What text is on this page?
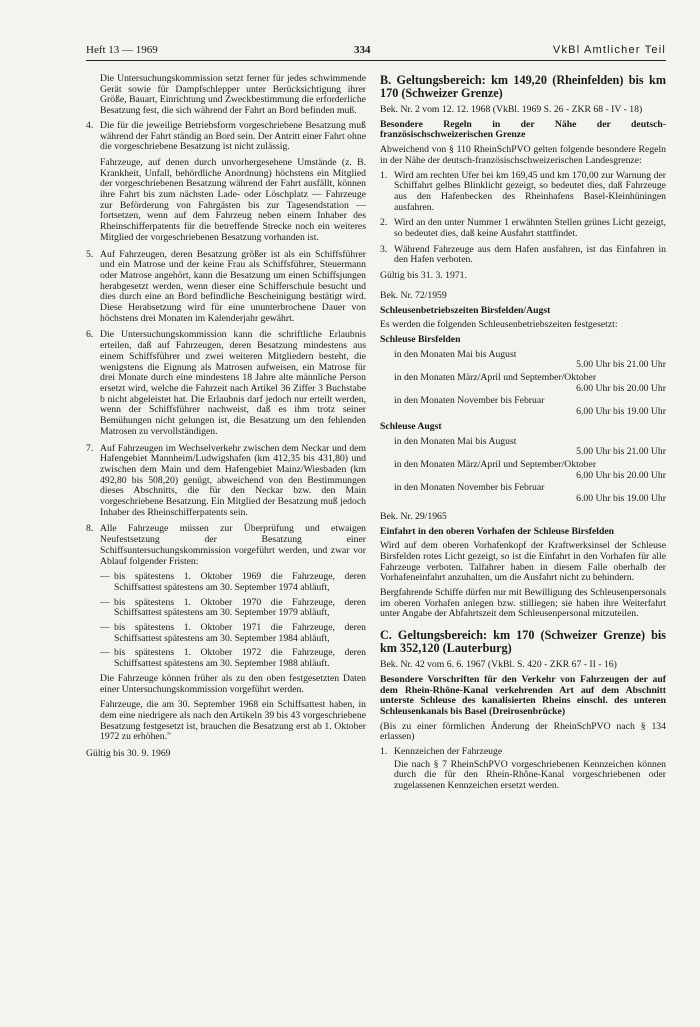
Heft 13 — 1969	334	VkBl Amtlicher Teil

Die Untersuchungskommission setzt ferner für jedes schwimmende Gerät sowie für Dampfschlepper unter Berücksichtigung ihrer Größe, Bauart, Einrichtung und Zweckbestimmung die erforderliche Besatzung fest, die sich während der Fahrt an Bord befinden muß.

4. Die für die jeweilige Betriebsform vorgeschriebene Besatzung muß während der Fahrt ständig an Bord sein. Der Antritt einer Fahrt ohne die vorgeschriebene Besatzung ist nicht zulässig.

Fahrzeuge, auf denen durch unvorhergesehene Umstände (z. B. Krankheit, Unfall, behördliche Anordnung) höchstens ein Mitglied der vorgeschriebenen Besatzung während der Fahrt ausfällt, können ihre Fahrt bis zum nächsten Lade- oder Löschplatz — Fahrzeuge zur Beförderung von Fahrgästen bis zur Tagesendstation — fortsetzen, wenn auf dem Fahrzeug neben einem Inhaber des Rheinschifferpatents für die betreffende Strecke noch ein weiteres Mitglied der vorgeschriebenen Besatzung vorhanden ist.

5. Auf Fahrzeugen, deren Besatzung größer ist als ein Schiffsführer und ein Matrose und der keine Frau als Schiffsführer, Steuermann oder Matrose angehört, kann die Besatzung um einen Schiffsjungen herabgesetzt werden, wenn dieser eine Schifferschule besucht und dies durch eine an Bord befindliche Bescheinigung bestätigt wird. Diese Herabsetzung wird für eine ununterbrochene Dauer von höchstens drei Monaten im Kalenderjahr gewährt.

6. Die Untersuchungskommission kann die schriftliche Erlaubnis erteilen, daß auf Fahrzeugen, deren Besatzung mindestens aus einem Schiffsführer und zwei weiteren Mitgliedern besteht, die wenigstens die Eignung als Matrosen aufweisen, ein Matrose für drei Monate durch eine mindestens 18 Jahre alte männliche Person ersetzt wird, welche die Fahrzeit nach Artikel 36 Ziffer 3 Buchstabe b nicht abgeleistet hat. Die Erlaubnis darf jedoch nur erteilt werden, wenn der Schiffsführer nachweist, daß es ihm trotz seiner Bemühungen nicht gelungen ist, die Besatzung um den fehlenden Matrosen zu vervollständigen.

7. Auf Fahrzeugen im Wechselverkehr zwischen dem Neckar und dem Hafengebiet Mannheim/Ludwigshafen (km 412,35 bis 431,80) und zwischen dem Main und dem Hafengebiet Mainz/Wiesbaden (km 492,80 bis 508,20) genügt, abweichend von den Bestimmungen dieses Abschnitts, die für den Neckar bzw. den Main vorgeschriebene Besatzung. Ein Mitglied der Besatzung muß jedoch Inhaber des Rheinschifferpatents sein.

8. Alle Fahrzeuge müssen zur Überprüfung und etwaigen Neufestsetzung der Besatzung einer Schiffsuntersuchungskommission vorgeführt werden, und zwar vor Ablauf folgender Fristen:

— bis spätestens 1. Oktober 1969 die Fahrzeuge, deren Schiffsattest spätestens am 30. September 1974 abläuft,
— bis spätestens 1. Oktober 1970 die Fahrzeuge, deren Schiffsattest spätestens am 30. September 1979 abläuft,
— bis spätestens 1. Oktober 1971 die Fahrzeuge, deren Schiffsattest spätestens am 30. September 1984 abläuft,
— bis spätestens 1. Oktober 1972 die Fahrzeuge, deren Schiffsattest spätestens am 30. September 1988 abläuft.

Die Fahrzeuge können früher als zu den oben festgesetzten Daten einer Untersuchungskommission vorgeführt werden.

Fahrzeuge, die am 30. September 1968 ein Schiffsattest haben, in dem eine niedrigere als nach den Artikeln 39 bis 43 vorgeschriebene Besatzung festgesetzt ist, brauchen die Besatzung erst ab 1. Oktober 1972 zu erhöhen."

Gültig bis 30. 9. 1969

B. Geltungsbereich: km 149,20 (Rheinfelden) bis km 170 (Schweizer Grenze)

Bek. Nr. 2 vom 12. 12. 1968 (VkBl. 1969 S. 26 - ZKR 68 - IV - 18)

Besondere Regeln in der Nähe der deutsch-französischschweizerischen Grenze

Abweichend von § 110 RheinSchPVO gelten folgende besondere Regeln in der Nähe der deutsch-französischschweizerischen Landesgrenze:

1. Wird am rechten Ufer bei km 169,45 und km 170,00 zur Warnung der Schiffahrt gelbes Blinklicht gezeigt, so bedeutet dies, daß Fahrzeuge aus den Hafenbecken des Rheinhafens Basel-Kleinhüningen ausfahren.
2. Wird an den unter Nummer 1 erwähnten Stellen grünes Licht gezeigt, so bedeutet dies, daß keine Ausfahrt stattfindet.
3. Während Fahrzeuge aus dem Hafen ausfahren, ist das Einfahren in den Hafen verboten.

Gültig bis 31. 3. 1971.

Bek. Nr. 72/1959

Schleusenbetriebszeiten Birsfelden/Augst

Es werden die folgenden Schleusenbetriebszeiten festgesetzt:

Schleuse Birsfelden

in den Monaten Mai bis August
5.00 Uhr bis 21.00 Uhr
in den Monaten März/April und September/Oktober
6.00 Uhr bis 20.00 Uhr
in den Monaten November bis Februar
6.00 Uhr bis 19.00 Uhr

Schleuse Augst

in den Monaten Mai bis August
5.00 Uhr bis 21.00 Uhr
in den Monaten März/April und September/Oktober
6.00 Uhr bis 20.00 Uhr
in den Monaten November bis Februar
6.00 Uhr bis 19.00 Uhr

Bek. Nr. 29/1965

Einfahrt in den oberen Vorhafen der Schleuse Birsfelden

Wird auf dem oberen Vorhafenkopf der Kraftwerksinsel der Schleuse Birsfelden rotes Licht gezeigt, so ist die Einfahrt in den Vorhafen für alle Fahrzeuge verboten. Talfahrer haben in diesem Falle oberhalb der Vorhafeneinfahrt anzuhalten, um die Ausfahrt nicht zu behindern.

Bergfahrende Schiffe dürfen nur mit Bewilligung des Schleusenpersonals im oberen Vorhafen anlegen bzw. stilliegen; sie haben ihre Weiterfahrt unter Angabe der Abfahrtszeit dem Schleusenpersonal mitzuteilen.

C. Geltungsbereich: km 170 (Schweizer Grenze) bis km 352,120 (Lauterburg)

Bek. Nr. 42 vom 6. 6. 1967 (VkBl. S. 420 - ZKR 67 - II - 16)

Besondere Vorschriften für den Verkehr von Fahrzeugen der auf dem Rhein-Rhône-Kanal verkehrenden Art auf dem Abschnitt unterste Schleuse des kanalisierten Rheins einschl. des unteren Schleusenkanals bis Basel (Dreirosenbrücke)

(Bis zu einer förmlichen Änderung der RheinSchPVO nach § 134 erlassen)

1. Kennzeichen der Fahrzeuge

Die nach § 7 RheinSchPVO vorgeschriebenen Kennzeichen können durch die für den Rhein-Rhône-Kanal vorgeschriebenen oder zugelassenen Kennzeichen ersetzt werden.
